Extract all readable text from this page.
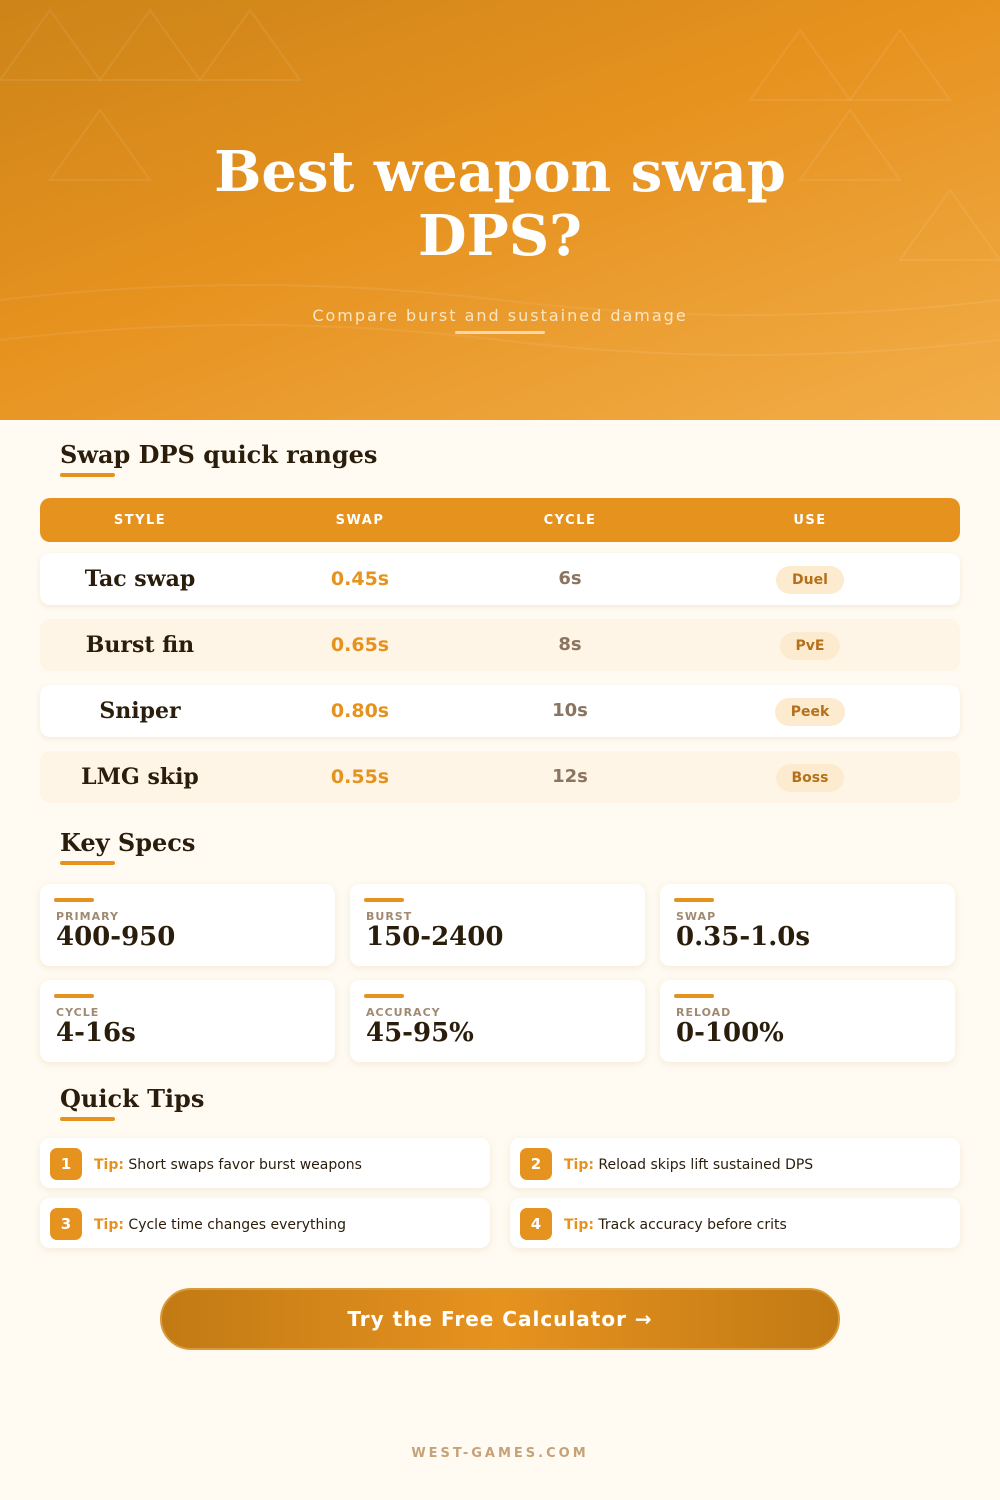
Best weapon swap DPS?
Compare burst and sustained damage
Swap DPS quick ranges
STYLE	SWAP	CYCLE	USE
Tac swap	0.45s	6s	Duel
Burst fin	0.65s	8s	PvE
Sniper	0.80s	10s	Peek
LMG skip	0.55s	12s	Boss
Key Specs
PRIMARY
400-950
BURST
150-2400
SWAP
0.35-1.0s
CYCLE
4-16s
ACCURACY
45-95%
RELOAD
0-100%
Quick Tips
1	Tip: Short swaps favor burst weapons	2	Tip: Reload skips lift sustained DPS
3	Tip: Cycle time changes everything	4	Tip: Track accuracy before crits
Try the Free Calculator →
WEST-GAMES.COM
